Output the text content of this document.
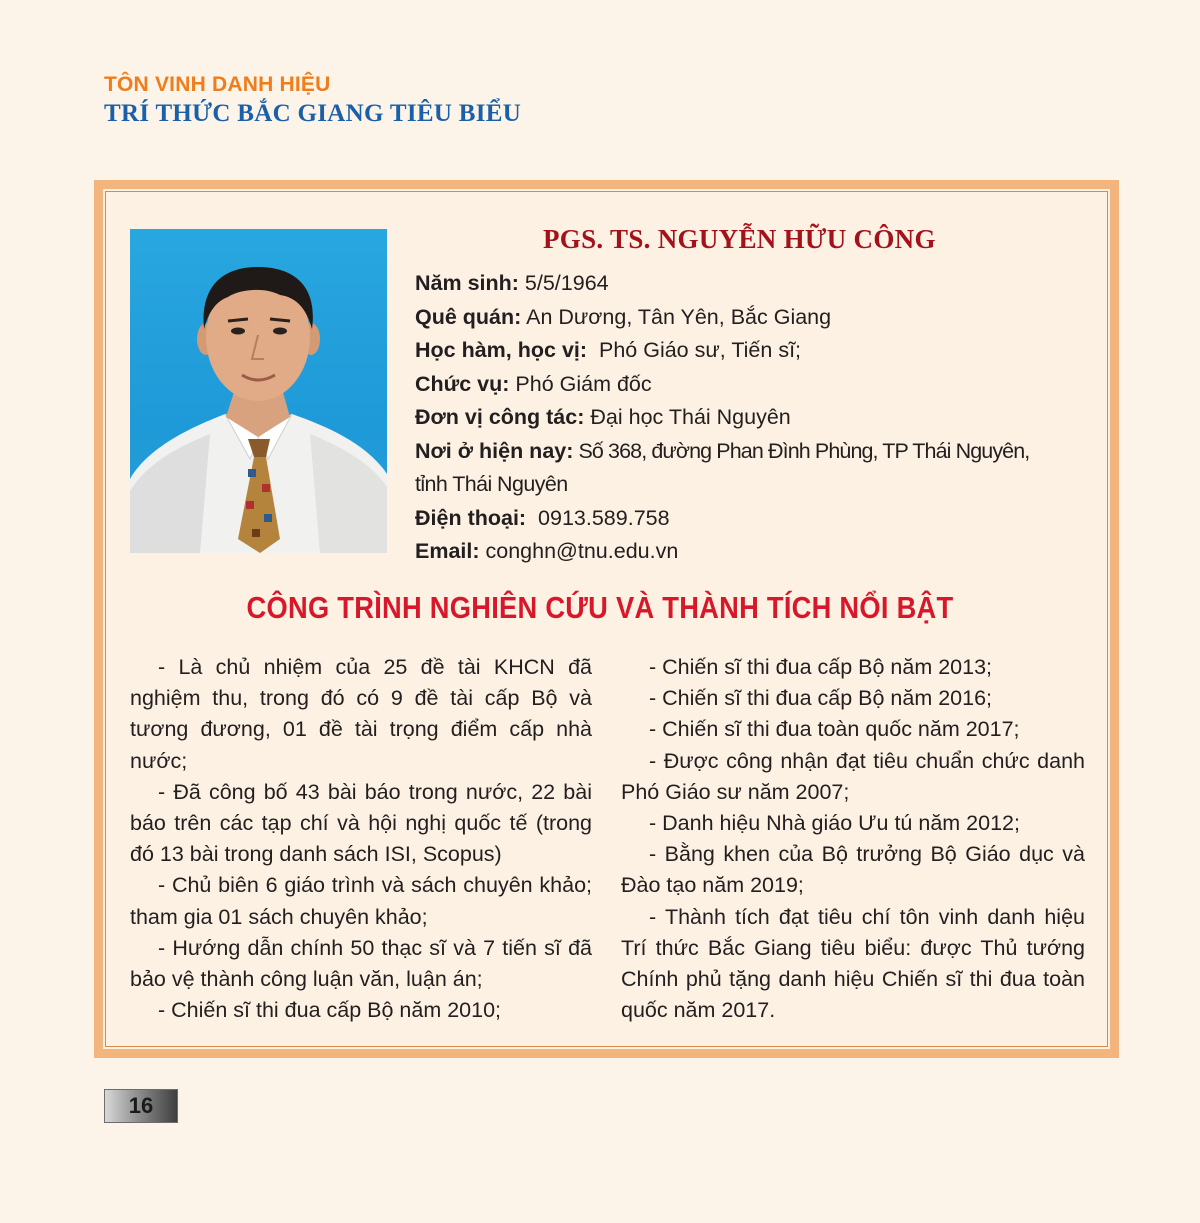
TÔN VINH DANH HIỆU
TRÍ THỨC BẮC GIANG TIÊU BIỂU
PGS. TS. NGUYỄN HỮU CÔNG
Năm sinh: 5/5/1964
Quê quán: An Dương, Tân Yên, Bắc Giang
Học hàm, học vị: Phó Giáo sư, Tiến sĩ;
Chức vụ: Phó Giám đốc
Đơn vị công tác: Đại học Thái Nguyên
Nơi ở hiện nay: Số 368, đường Phan Đình Phùng, TP Thái Nguyên,
tỉnh Thái Nguyên
Điện thoại: 0913.589.758
Email: conghn@tnu.edu.vn
CÔNG TRÌNH NGHIÊN CỨU VÀ THÀNH TÍCH NỔI BẬT

- Là chủ nhiệm của 25 đề tài KHCN đã nghiệm thu, trong đó có 9 đề tài cấp Bộ và tương đương, 01 đề tài trọng điểm cấp nhà nước;

- Đã công bố 43 bài báo trong nước, 22 bài báo trên các tạp chí và hội nghị quốc tế (trong đó 13 bài trong danh sách ISI, Scopus)

- Chủ biên 6 giáo trình và sách chuyên khảo; tham gia 01 sách chuyên khảo;

- Hướng dẫn chính 50 thạc sĩ và 7 tiến sĩ đã bảo vệ thành công luận văn, luận án;

- Chiến sĩ thi đua cấp Bộ năm 2010;

- Chiến sĩ thi đua cấp Bộ năm 2013;

- Chiến sĩ thi đua cấp Bộ năm 2016;

- Chiến sĩ thi đua toàn quốc năm 2017;

- Được công nhận đạt tiêu chuẩn chức danh Phó Giáo sư năm 2007;

- Danh hiệu Nhà giáo Ưu tú năm 2012;

- Bằng khen của Bộ trưởng Bộ Giáo dục và Đào tạo năm 2019;

- Thành tích đạt tiêu chí tôn vinh danh hiệu Trí thức Bắc Giang tiêu biểu: được Thủ tướng Chính phủ tặng danh hiệu Chiến sĩ thi đua toàn quốc năm 2017.

16
